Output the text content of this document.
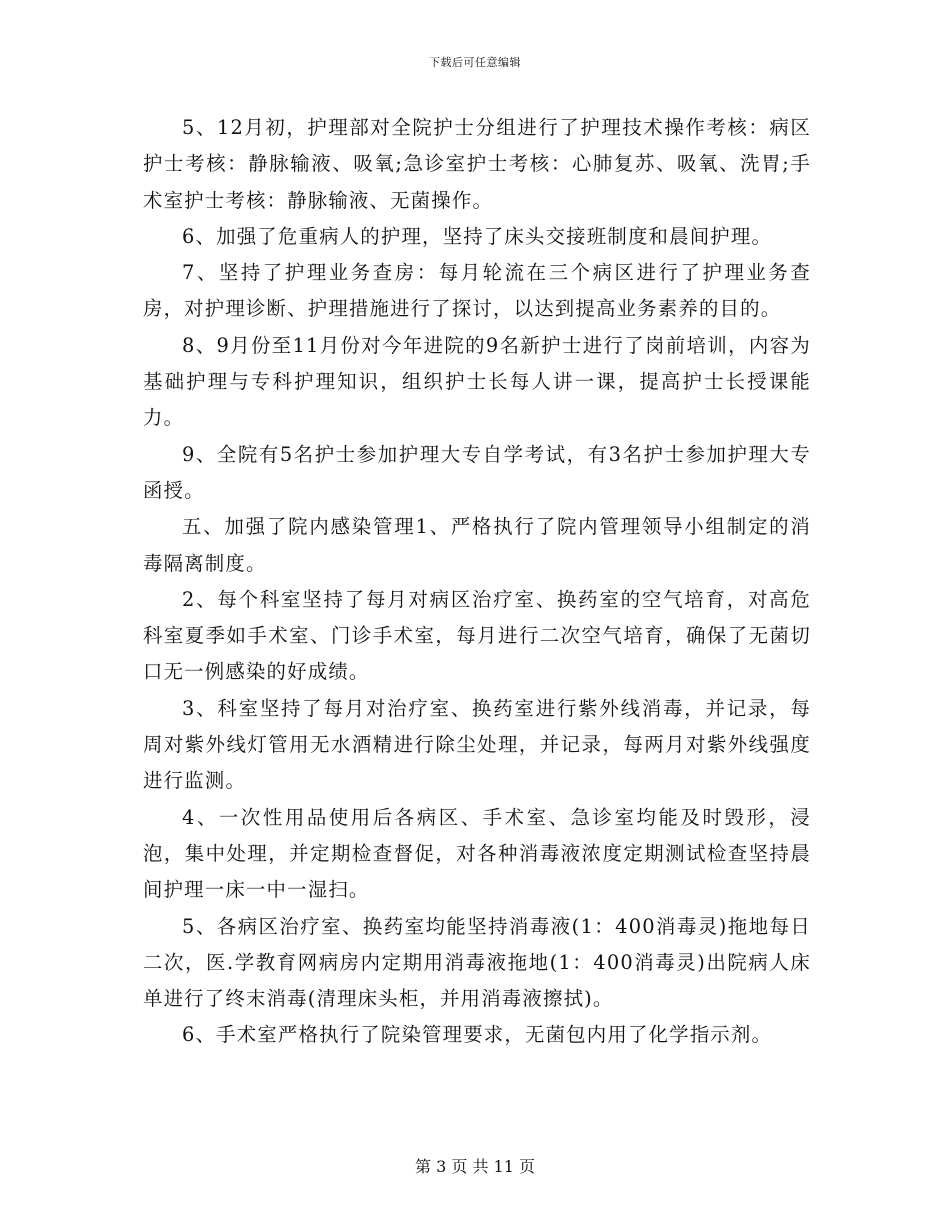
下载后可任意编辑

5、12月初，护理部对全院护士分组进行了护理技术操作考核：病区护士考核：静脉输液、吸氧;急诊室护士考核：心肺复苏、吸氧、洗胃;手术室护士考核：静脉输液、无菌操作。

6、加强了危重病人的护理，坚持了床头交接班制度和晨间护理。

7、坚持了护理业务查房：每月轮流在三个病区进行了护理业务查房，对护理诊断、护理措施进行了探讨，以达到提高业务素养的目的。

8、9月份至11月份对今年进院的9名新护士进行了岗前培训，内容为基础护理与专科护理知识，组织护士长每人讲一课，提高护士长授课能力。

9、全院有5名护士参加护理大专自学考试，有3名护士参加护理大专函授。

五、加强了院内感染管理1、严格执行了院内管理领导小组制定的消毒隔离制度。

2、每个科室坚持了每月对病区治疗室、换药室的空气培育，对高危科室夏季如手术室、门诊手术室，每月进行二次空气培育，确保了无菌切口无一例感染的好成绩。

3、科室坚持了每月对治疗室、换药室进行紫外线消毒，并记录，每周对紫外线灯管用无水酒精进行除尘处理，并记录，每两月对紫外线强度进行监测。

4、一次性用品使用后各病区、手术室、急诊室均能及时毁形，浸泡，集中处理，并定期检查督促，对各种消毒液浓度定期测试检查坚持晨间护理一床一中一湿扫。

5、各病区治疗室、换药室均能坚持消毒液(1：400消毒灵)拖地每日二次，医.学教育网病房内定期用消毒液拖地(1：400消毒灵)出院病人床单进行了终末消毒(清理床头柜，并用消毒液擦拭)。

6、手术室严格执行了院染管理要求，无菌包内用了化学指示剂。

第 3 页 共 11 页
